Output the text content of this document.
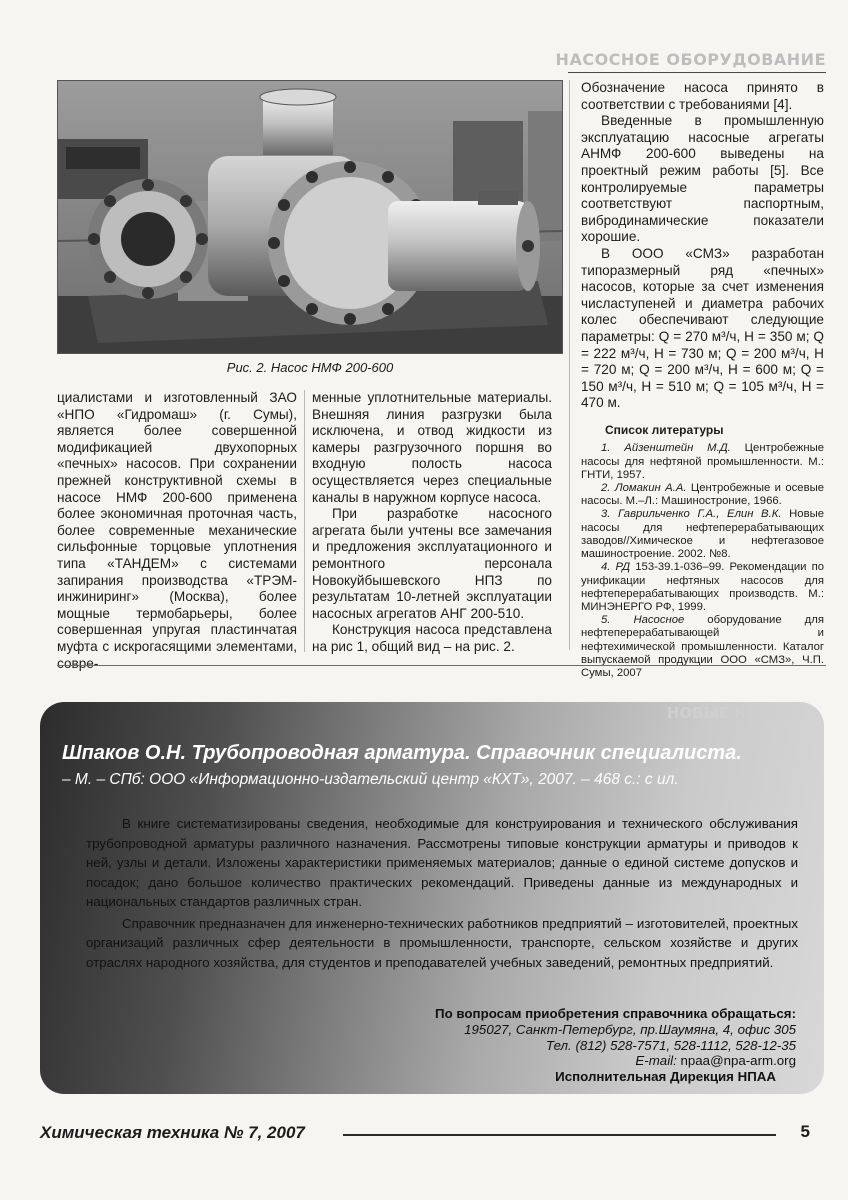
НАСОСНОЕ ОБОРУДОВАНИЕ
Рис. 2. Насос НМФ 200-600

циалистами и изготовленный ЗАО «НПО «Гидромаш» (г. Сумы), является более совершенной модификацией двухопорных «печных» насосов. При сохранении прежней конструктивной схемы в насосе НМФ 200-600 применена более экономичная проточная часть, более современные механические сильфонные торцовые уплотнения типа «ТАНДЕМ» с системами запирания производства «ТРЭМ-инжиниринг» (Москва), более мощные термобарьеры, более совершенная упругая пластинчатая муфта с искрогасящими элементами, совре-

менные уплотнительные материалы. Внешняя линия разгрузки была исключена, и отвод жидкости из камеры разгрузочного поршня во входную полость насоса осуществляется через специальные каналы в наружном корпусе насоса.

При разработке насосного агрегата были учтены все замечания и предложения эксплуатационного и ремонтного персонала Новокуйбышевского НПЗ по результатам 10-летней эксплуатации насосных агрегатов АНГ 200-510.

Конструкция насоса представлена на рис 1, общий вид – на рис. 2.

Обозначение насоса принято в соответствии с требованиями [4].

Введенные в промышленную эксплуатацию насосные агрегаты АНМФ 200-600 выведены на проектный режим работы [5]. Все контролируемые параметры соответствуют паспортным, вибродинамические показатели хорошие.

В ООО «СМЗ» разработан типоразмерный ряд «печных» насосов, которые за счет изменения числаступеней и диаметра рабочих колес обеспечивают следующие параметры: Q = 270 м³/ч, H = 350 м; Q = 222 м³/ч, H = 730 м; Q = 200 м³/ч, H = 720 м; Q = 200 м³/ч, H = 600 м; Q = 150 м³/ч, H = 510 м; Q = 105 м³/ч, H = 470 м.

Список литературы
1. Айзенштейн М.Д. Центробежные насосы для нефтяной промышленности. М.: ГНТИ, 1957.
2. Ломакин А.А. Центробежные и осевые насосы. М.–Л.: Машиностроние, 1966.
3. Гаврильченко Г.А., Елин В.К. Новые насосы для нефтеперерабатывающих заводов//Химическое и нефтегазовое машиностроение. 2002. №8.
4. РД 153-39.1-036–99. Рекомендации по унификации нефтяных насосов для нефтеперерабатывающих производств. М.: МИНЭНЕРГО РФ, 1999.
5. Насосное оборудование для нефтеперерабатывающей и нефтехимической промышленности. Каталог выпускаемой продукции ООО «СМЗ», Ч.П. Сумы, 2007
НОВЫЕ КНИГИ
Шпаков О.Н. Трубопроводная арматура. Справочник специалиста.
– М. – СПб: ООО «Информационно-издательский центр «КХТ», 2007. – 468 с.: с ил.

В книге систематизированы сведения, необходимые для конструирования и технического обслуживания трубопроводной арматуры различного назначения. Рассмотрены типовые конструкции арматуры и приводов к ней, узлы и детали. Изложены характеристики применяемых материалов; данные о единой системе допусков и посадок; дано большое количество практических рекомендаций. Приведены данные из международных и национальных стандартов различных стран.

Справочник предназначен для инженерно-технических работников предприятий – изготовителей, проектных организаций различных сфер деятельности в промышленности, транспорте, сельском хозяйстве и других отраслях народного хозяйства, для студентов и преподавателей учебных заведений, ремонтных предприятий.

По вопросам приобретения справочника обращаться:
195027, Санкт-Петербург, пр.Шаумяна, 4, офис 305
Тел. (812) 528-7571, 528-1112, 528-12-35
E-mail: npaa@npa-arm.org
Исполнительная Дирекция НПАА
Химическая техника № 7, 2007	5
